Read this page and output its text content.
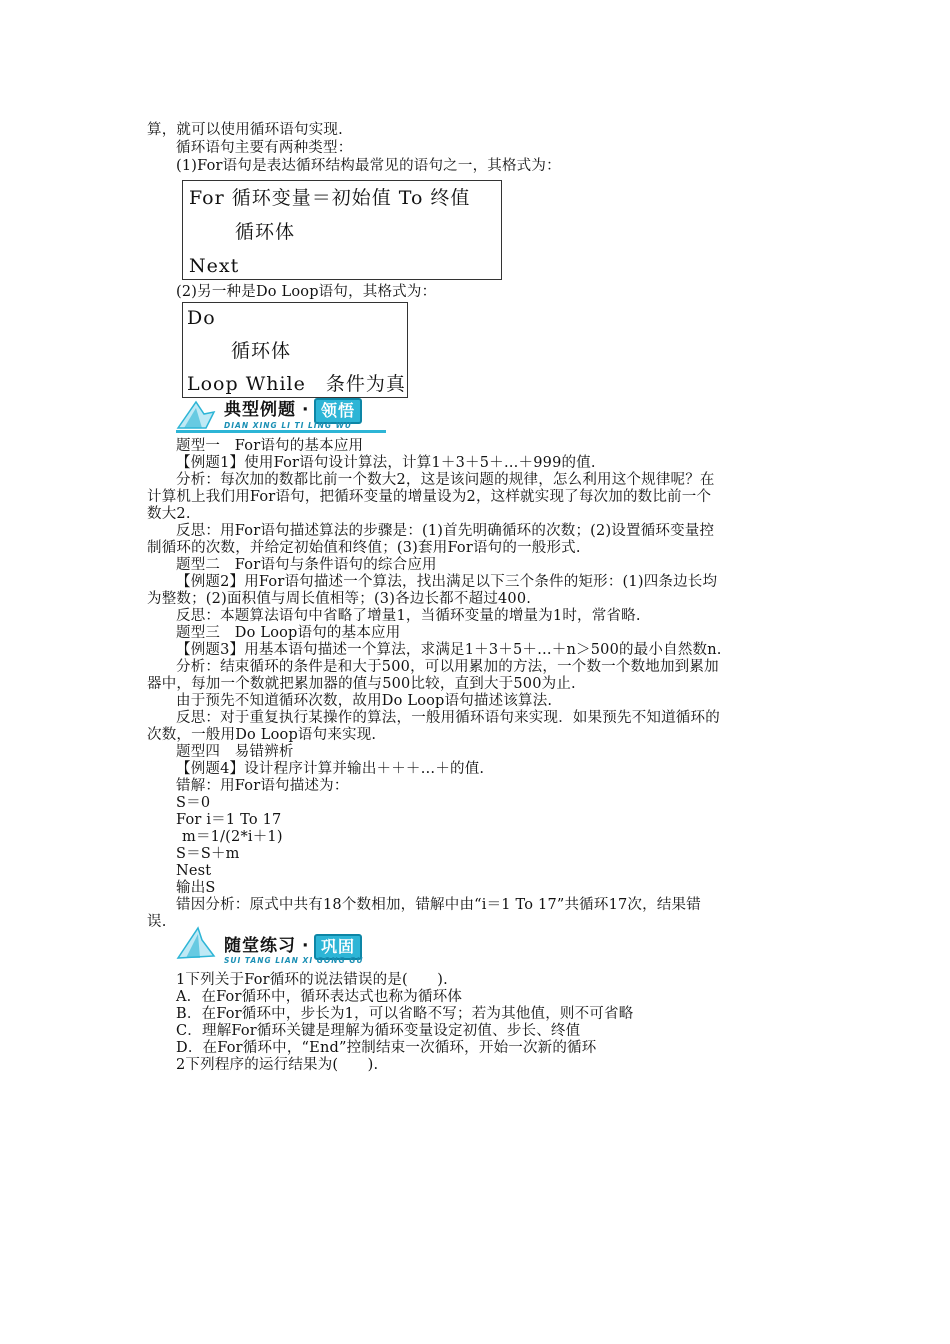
算，就可以使用循环语句实现.
循环语句主要有两种类型：
(1)For语句是表达循环结构最常见的语句之一，其格式为：
For 循环变量＝初始值 To 终值
循环体
Next
(2)另一种是Do Loop语句，其格式为：
Do
循环体
Loop While　条件为真
典型例题 · 领悟
DIAN XING LI TI LING WU
题型一　For语句的基本应用
【例题1】使用For语句设计算法，计算1＋3＋5＋…＋999的值.
分析：每次加的数都比前一个数大2，这是该问题的规律，怎么利用这个规律呢？在
计算机上我们用For语句，把循环变量的增量设为2，这样就实现了每次加的数比前一个
数大2.
反思：用For语句描述算法的步骤是：(1)首先明确循环的次数；(2)设置循环变量控
制循环的次数，并给定初始值和终值；(3)套用For语句的一般形式.
题型二　For语句与条件语句的综合应用
【例题2】用For语句描述一个算法，找出满足以下三个条件的矩形：(1)四条边长均
为整数；(2)面积值与周长值相等；(3)各边长都不超过400.
反思：本题算法语句中省略了增量1，当循环变量的增量为1时，常省略.
题型三　Do Loop语句的基本应用
【例题3】用基本语句描述一个算法，求满足1＋3＋5＋…＋n＞500的最小自然数n.
分析：结束循环的条件是和大于500，可以用累加的方法，一个数一个数地加到累加
器中，每加一个数就把累加器的值与500比较，直到大于500为止.
由于预先不知道循环次数，故用Do Loop语句描述该算法.
反思：对于重复执行某操作的算法，一般用循环语句来实现．如果预先不知道循环的
次数，一般用Do Loop语句来实现.
题型四　易错辨析
【例题4】设计程序计算并输出＋＋＋…＋的值.
错解：用For语句描述为：
S＝0
For i＝1 To 17
m＝1/(2*i＋1)
S＝S＋m
Nest
输出S
错因分析：原式中共有18个数相加，错解中由“i＝1 To 17”共循环17次，结果错
误.
随堂练习 · 巩固
SUI TANG LIAN XI GONG GU
1下列关于For循环的说法错误的是(　　).
A．在For循环中，循环表达式也称为循环体
B．在For循环中，步长为1，可以省略不写；若为其他值，则不可省略
C．理解For循环关键是理解为循环变量设定初值、步长、终值
D．在For循环中，“End”控制结束一次循环，开始一次新的循环
2下列程序的运行结果为(　　).
